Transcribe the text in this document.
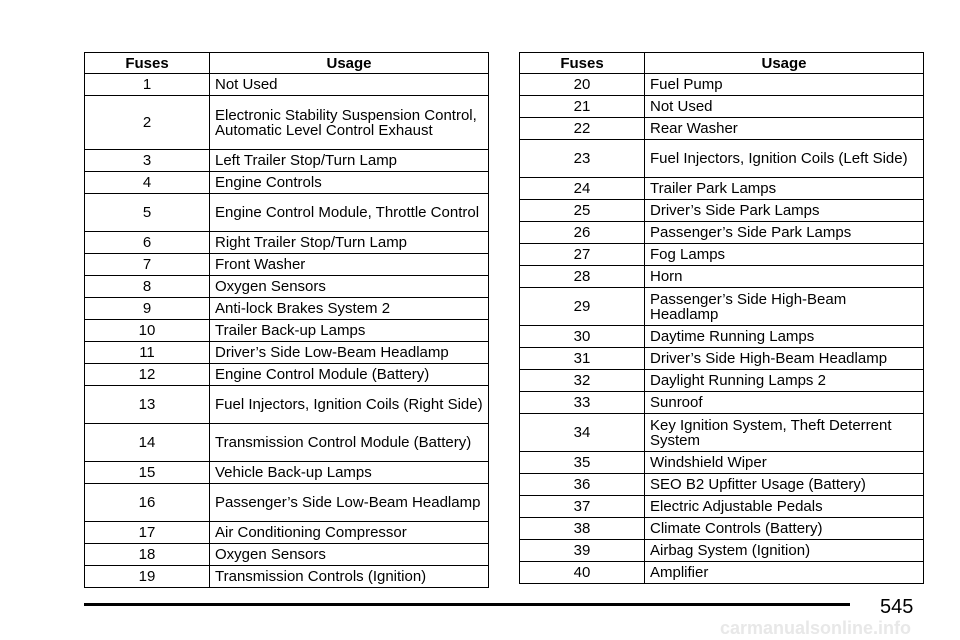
Fuses	Usage
1	Not Used
2	Electronic Stability Suspension Control, Automatic Level Control Exhaust
3	Left Trailer Stop/Turn Lamp
4	Engine Controls
5	Engine Control Module, Throttle Control
6	Right Trailer Stop/Turn Lamp
7	Front Washer
8	Oxygen Sensors
9	Anti-lock Brakes System 2
10	Trailer Back-up Lamps
11	Driver’s Side Low-Beam Headlamp
12	Engine Control Module (Battery)
13	Fuel Injectors, Ignition Coils (Right Side)
14	Transmission Control Module (Battery)
15	Vehicle Back-up Lamps
16	Passenger’s Side Low-Beam Headlamp
17	Air Conditioning Compressor
18	Oxygen Sensors
19	Transmission Controls (Ignition)
Fuses	Usage
20	Fuel Pump
21	Not Used
22	Rear Washer
23	Fuel Injectors, Ignition Coils (Left Side)
24	Trailer Park Lamps
25	Driver’s Side Park Lamps
26	Passenger’s Side Park Lamps
27	Fog Lamps
28	Horn
29	Passenger’s Side High-Beam Headlamp
30	Daytime Running Lamps
31	Driver’s Side High-Beam Headlamp
32	Daylight Running Lamps 2
33	Sunroof
34	Key Ignition System, Theft Deterrent System
35	Windshield Wiper
36	SEO B2 Upfitter Usage (Battery)
37	Electric Adjustable Pedals
38	Climate Controls (Battery)
39	Airbag System (Ignition)
40	Amplifier
545
carmanualsonline.info
